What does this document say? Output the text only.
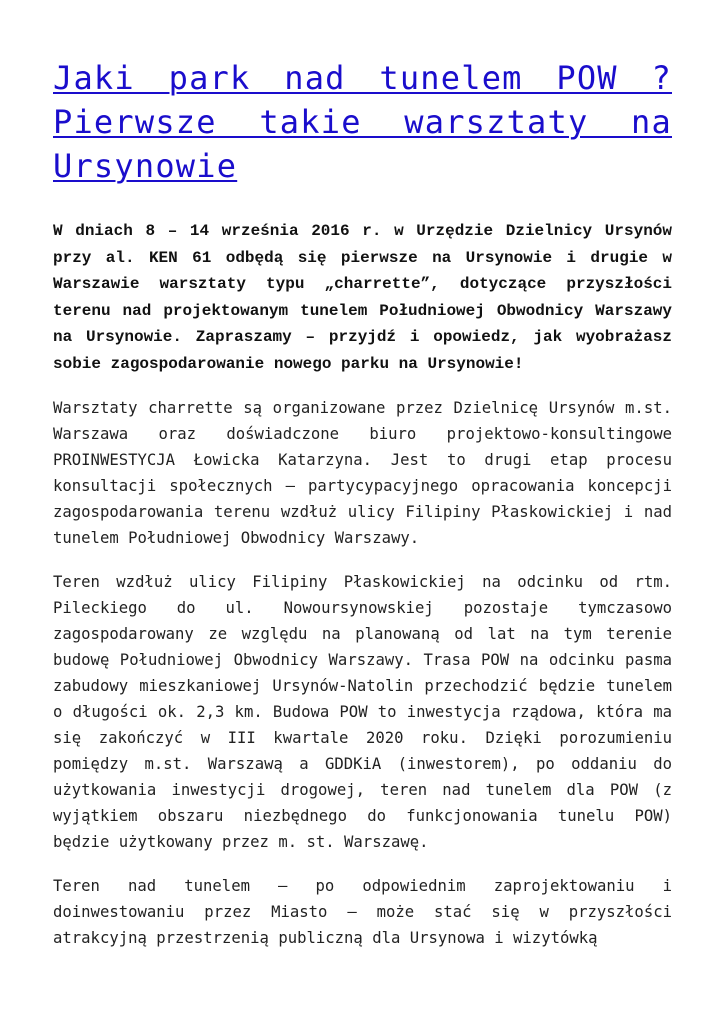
Jaki park nad tunelem POW ?Pierwsze takie warsztaty na Ursynowie

W dniach 8 – 14 września 2016 r. w Urzędzie Dzielnicy Ursynów przy al. KEN 61 odbędą się pierwsze na Ursynowie i drugie w Warszawie warsztaty typu „charrette”, dotyczące przyszłości terenu nad projektowanym tunelem Południowej Obwodnicy Warszawy na Ursynowie. Zapraszamy – przyjdź i opowiedz, jak wyobrażasz sobie zagospodarowanie nowego parku na Ursynowie!

Warsztaty charrette są organizowane przez Dzielnicę Ursynów m.st. Warszawa oraz doświadczone biuro projektowo-konsultingowe PROINWESTYCJA Łowicka Katarzyna. Jest to drugi etap procesu konsultacji społecznych – partycypacyjnego opracowania koncepcji zagospodarowania terenu wzdłuż ulicy Filipiny Płaskowickiej i nad tunelem Południowej Obwodnicy Warszawy.

Teren wzdłuż ulicy Filipiny Płaskowickiej na odcinku od rtm. Pileckiego do ul. Nowoursynowskiej pozostaje tymczasowo zagospodarowany ze względu na planowaną od lat na tym terenie budowę Południowej Obwodnicy Warszawy. Trasa POW na odcinku pasma zabudowy mieszkaniowej Ursynów-Natolin przechodzić będzie tunelem o długości ok. 2,3 km. Budowa POW to inwestycja rządowa, która ma się zakończyć w III kwartale 2020 roku. Dzięki porozumieniu pomiędzy m.st. Warszawą a GDDKiA (inwestorem), po oddaniu do użytkowania inwestycji drogowej, teren nad tunelem dla POW (z wyjątkiem obszaru niezbędnego do funkcjonowania tunelu POW) będzie użytkowany przez m. st. Warszawę.

Teren nad tunelem – po odpowiednim zaprojektowaniu i doinwestowaniu przez Miasto – może stać się w przyszłości atrakcyjną przestrzenią publiczną dla Ursynowa i wizytówką
